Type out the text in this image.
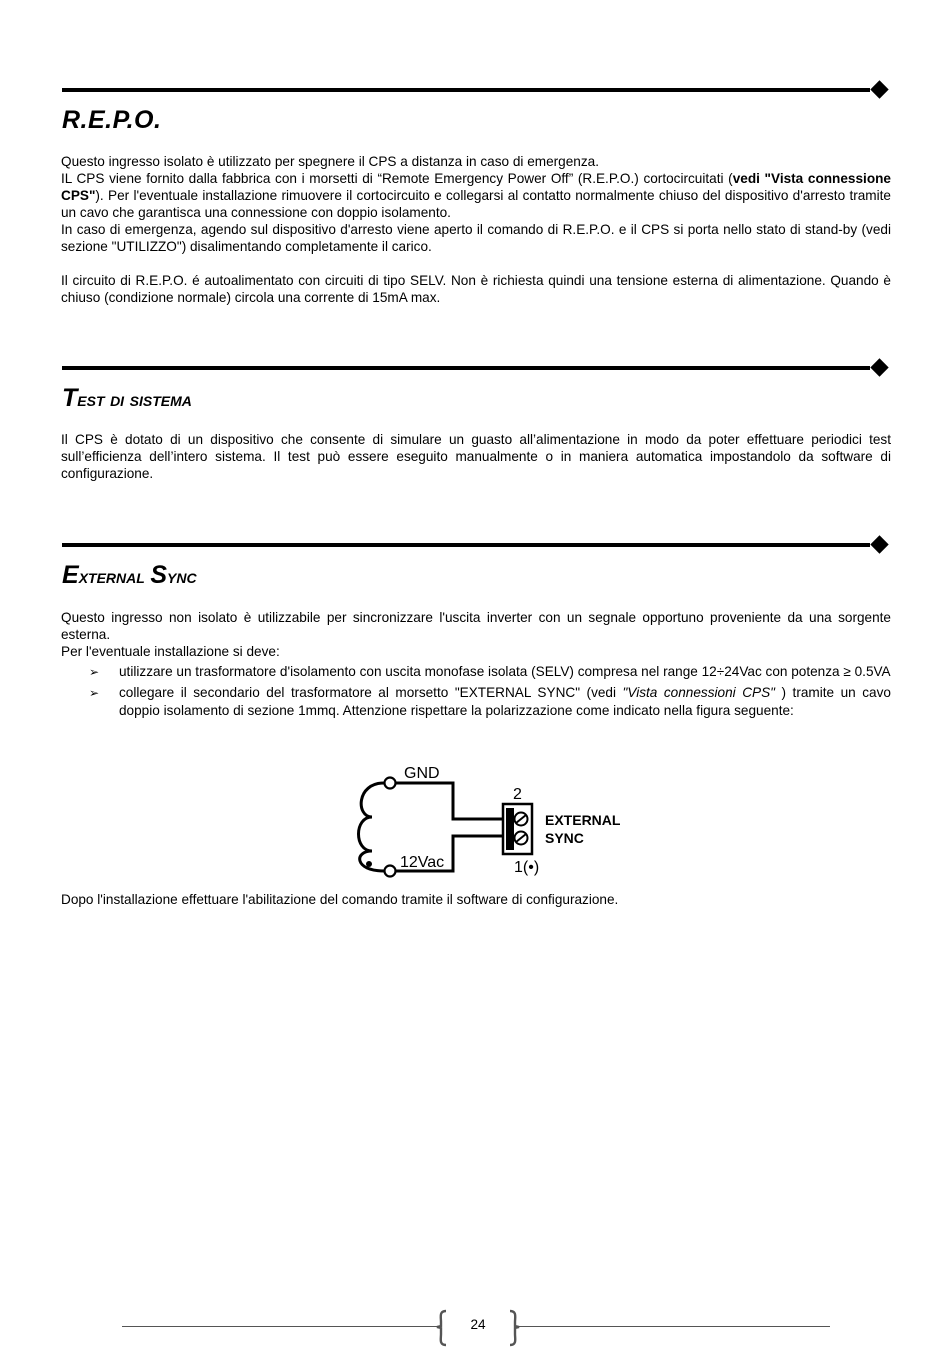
R.E.P.O.

Questo ingresso isolato è utilizzato per spegnere il CPS a distanza in caso di emergenza.

IL CPS viene fornito dalla fabbrica con i morsetti di “Remote Emergency Power Off” (R.E.P.O.) cortocircuitati (vedi "Vista connessione CPS"). Per l'eventuale installazione rimuovere il cortocircuito e collegarsi al contatto normalmente chiuso del dispositivo d'arresto tramite un cavo che garantisca una connessione con doppio isolamento.

In caso di emergenza, agendo sul dispositivo d'arresto viene aperto il comando di R.E.P.O. e il CPS si porta nello stato di stand-by (vedi sezione "UTILIZZO") disalimentando completamente il carico.

Il circuito di R.E.P.O. é autoalimentato con circuiti di tipo SELV. Non è richiesta quindi una tensione esterna di alimentazione. Quando è chiuso (condizione normale) circola una corrente di 15mA max.

Test di sistema

Il CPS è dotato di un dispositivo che consente di simulare un guasto all’alimentazione in modo da poter effettuare periodici test sull’efficienza dell’intero sistema. Il test può essere eseguito manualmente o in maniera automatica impostandolo da software di configurazione.

External Sync

Questo ingresso non isolato è utilizzabile per sincronizzare l'uscita inverter con un segnale opportuno proveniente da una sorgente esterna.

Per l'eventuale installazione si deve:

➢ utilizzare un trasformatore d'isolamento con uscita monofase isolata (SELV) compresa nel range 12÷24Vac con potenza ≥ 0.5VA
➢ collegare il secondario del trasformatore al morsetto "EXTERNAL SYNC" (vedi "Vista connessioni CPS" ) tramite un cavo doppio isolamento di sezione 1mmq. Attenzione rispettare la polarizzazione come indicato nella figura seguente:
GND
12Vac
2
1(•)
EXTERNAL
SYNC

Dopo l'installazione effettuare l'abilitazione del comando tramite il software di configurazione.

24
